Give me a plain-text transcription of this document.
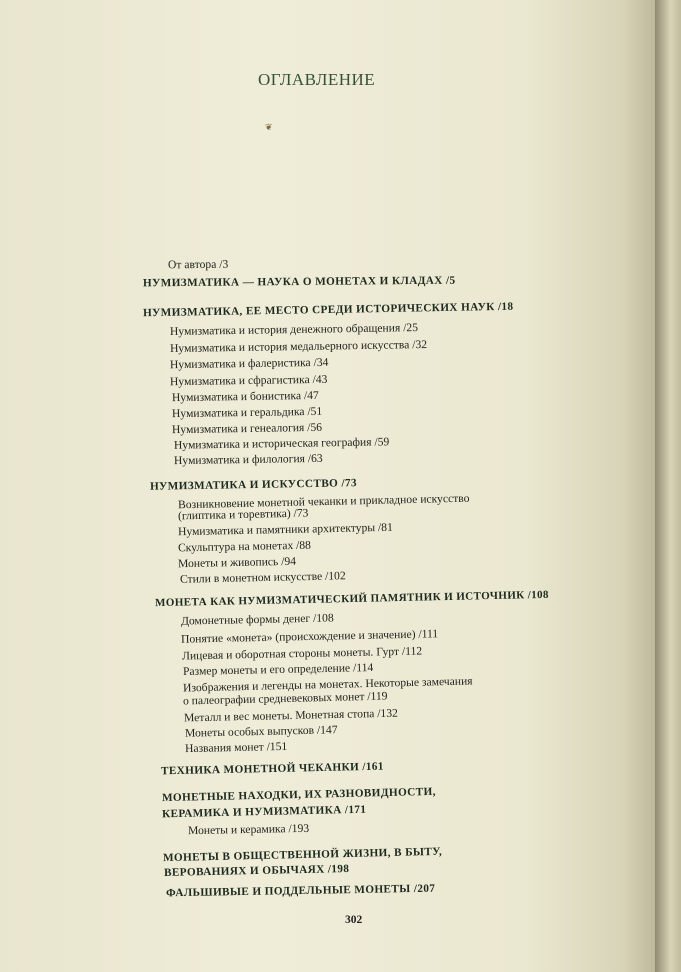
ОГЛАВЛЕНИЕ
❦
От автора /3
НУМИЗМАТИКА — НАУКА О МОНЕТАХ И КЛАДАХ /5
НУМИЗМАТИКА, ЕЕ МЕСТО СРЕДИ ИСТОРИЧЕСКИХ НАУК /18
Нумизматика и история денежного обращения /25
Нумизматика и история медальерного искусства /32
Нумизматика и фалеристика /34
Нумизматика и сфрагистика /43
Нумизматика и бонистика /47
Нумизматика и геральдика /51
Нумизматика и генеалогия /56
Нумизматика и историческая география /59
Нумизматика и филология /63
НУМИЗМАТИКА И ИСКУССТВО /73
Возникновение монетной чеканки и прикладное искусство
(глиптика и торевтика) /73
Нумизматика и памятники архитектуры /81
Скульптура на монетах /88
Монеты и живопись /94
Стили в монетном искусстве /102
МОНЕТА КАК НУМИЗМАТИЧЕСКИЙ ПАМЯТНИК И ИСТОЧНИК /108
Домонетные формы денег /108
Понятие «монета» (происхождение и значение) /111
Лицевая и оборотная стороны монеты. Гурт /112
Размер монеты и его определение /114
Изображения и легенды на монетах. Некоторые замечания
о палеографии средневековых монет /119
Металл и вес монеты. Монетная стопа /132
Монеты особых выпусков /147
Названия монет /151
ТЕХНИКА МОНЕТНОЙ ЧЕКАНКИ /161
МОНЕТНЫЕ НАХОДКИ, ИХ РАЗНОВИДНОСТИ,
КЕРАМИКА И НУМИЗМАТИКА /171
Монеты и керамика /193
МОНЕТЫ В ОБЩЕСТВЕННОЙ ЖИЗНИ, В БЫТУ,
ВЕРОВАНИЯХ И ОБЫЧАЯХ /198
ФАЛЬШИВЫЕ И ПОДДЕЛЬНЫЕ МОНЕТЫ /207
302
